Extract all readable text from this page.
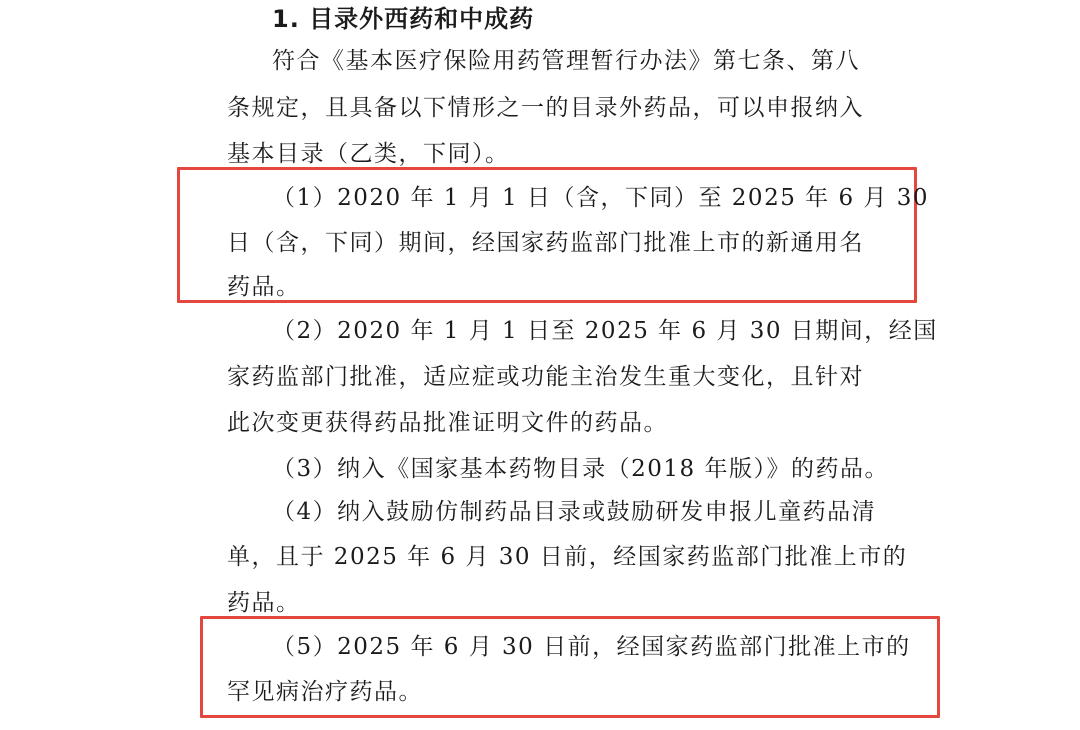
1. 目录外西药和中成药
符合《基本医疗保险用药管理暂行办法》第七条、第八
条规定，且具备以下情形之一的目录外药品，可以申报纳入
基本目录（乙类，下同）。
（1）2020 年 1 月 1 日（含，下同）至 2025 年 6 月 30
日（含，下同）期间，经国家药监部门批准上市的新通用名
药品。
（2）2020 年 1 月 1 日至 2025 年 6 月 30 日期间，经国
家药监部门批准，适应症或功能主治发生重大变化，且针对
此次变更获得药品批准证明文件的药品。
（3）纳入《国家基本药物目录（2018 年版）》的药品。
（4）纳入鼓励仿制药品目录或鼓励研发申报儿童药品清
单，且于 2025 年 6 月 30 日前，经国家药监部门批准上市的
药品。
（5）2025 年 6 月 30 日前，经国家药监部门批准上市的
罕见病治疗药品。
